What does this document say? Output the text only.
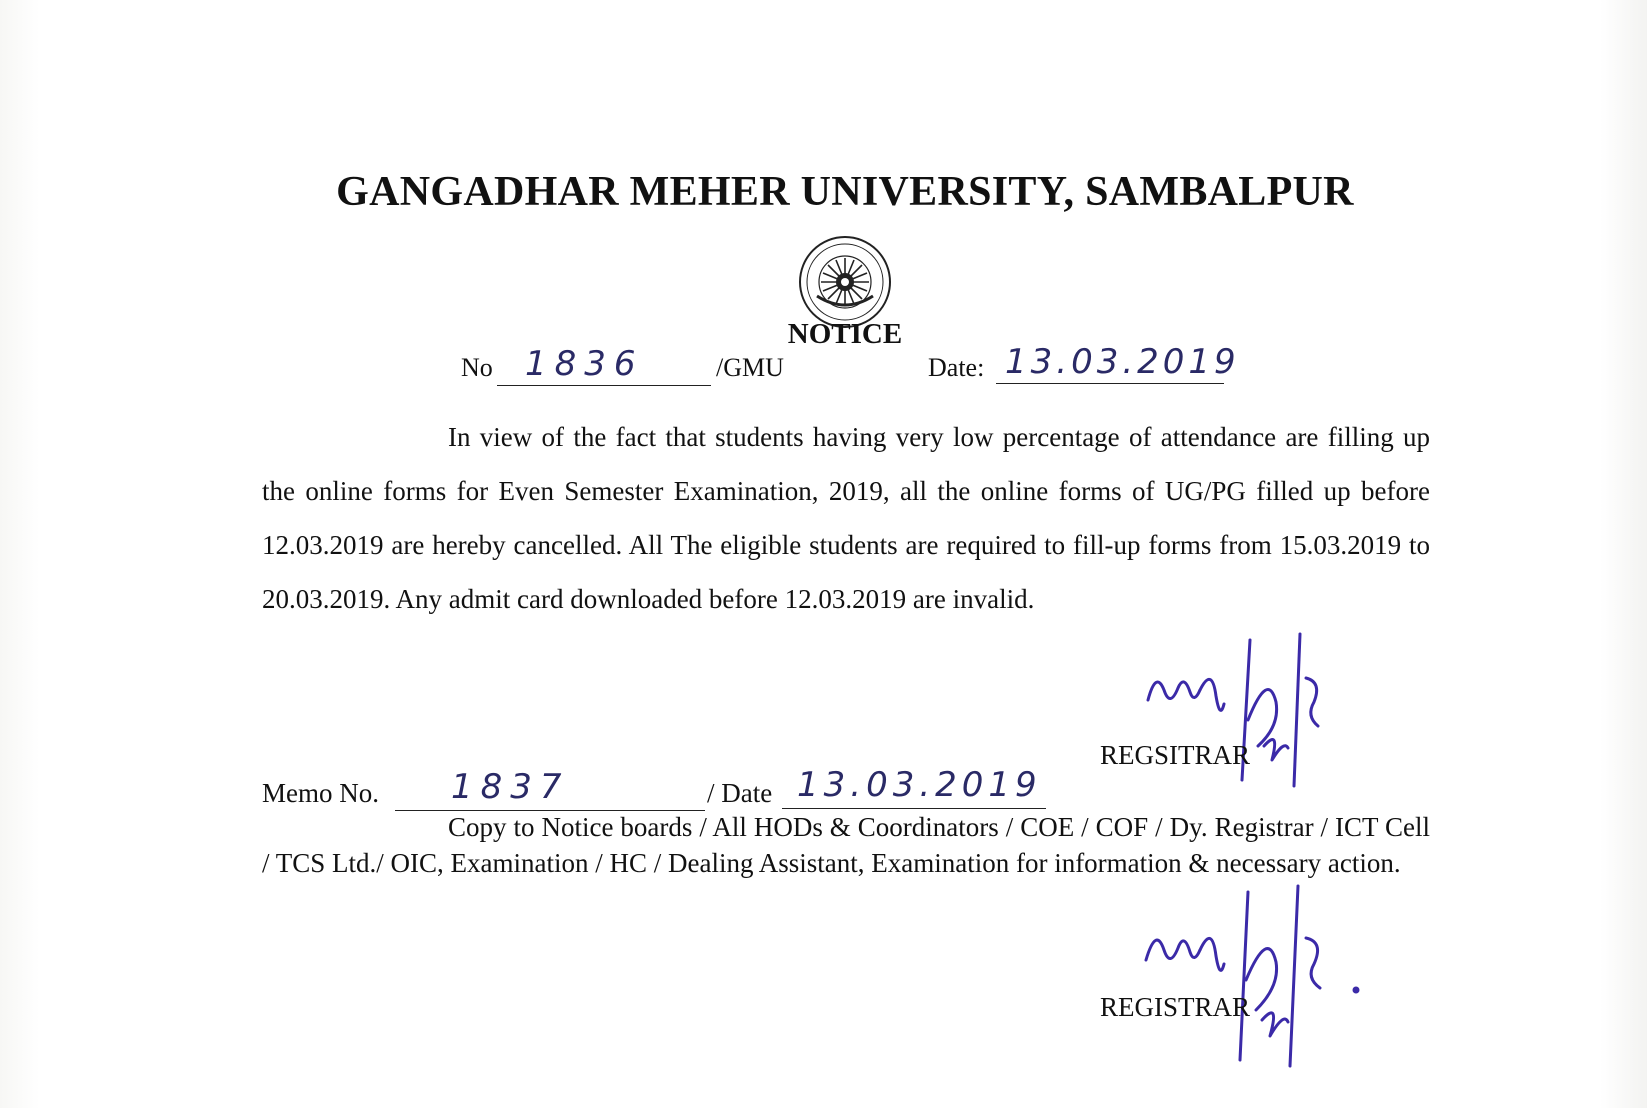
GANGADHAR MEHER UNIVERSITY, SAMBALPUR
NOTICE
No 1836	/GMU	Date: 13.03.2019

In view of the fact that students having very low percentage of attendance are filling up the online forms for Even Semester Examination, 2019, all the online forms of UG/PG filled up before 12.03.2019 are hereby cancelled. All The eligible students are required to fill-up forms from 15.03.2019 to 20.03.2019. Any admit card downloaded before 12.03.2019 are invalid.

REGSITRAR
Memo No. 1837	/ Date 13.03.2019
Copy to Notice boards / All HODs & Coordinators / COE / COF / Dy. Registrar / ICT Cell / TCS Ltd./ OIC, Examination / HC / Dealing Assistant, Examination for information & necessary action.
REGISTRAR
